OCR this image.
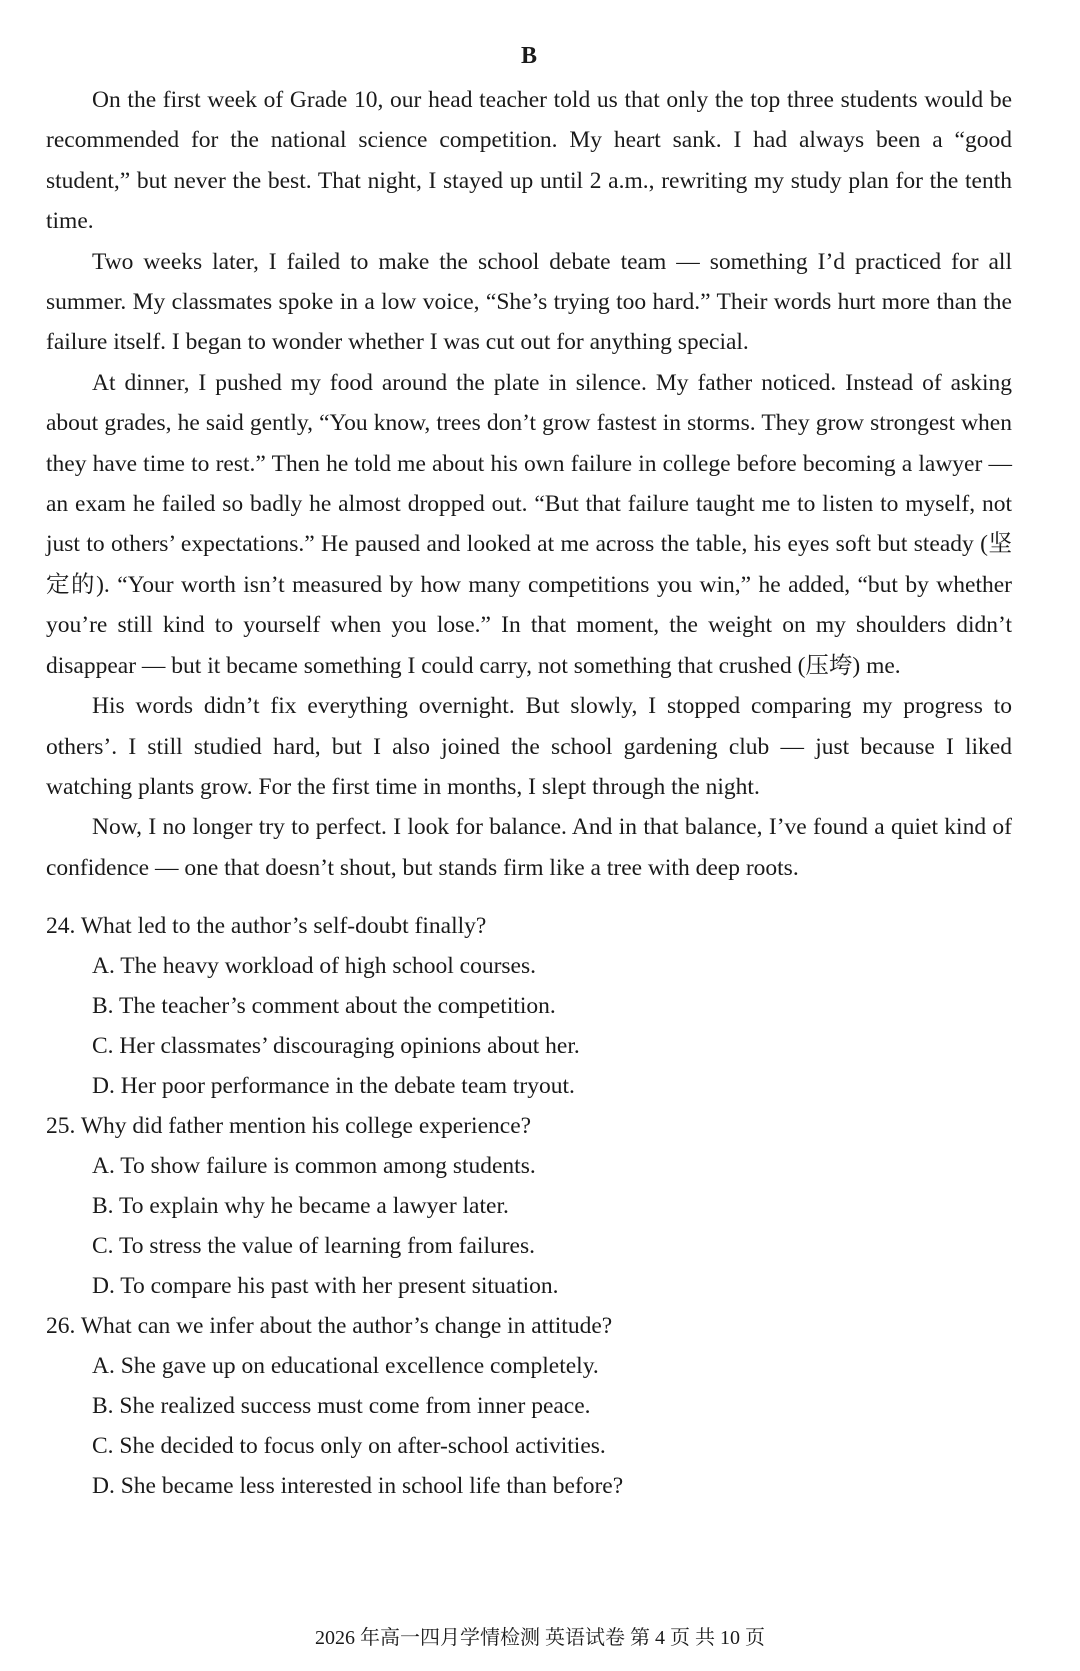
B

On the first week of Grade 10, our head teacher told us that only the top three students would be recommended for the national science competition. My heart sank. I had always been a “good student,” but never the best. That night, I stayed up until 2 a.m., rewriting my study plan for the tenth time.

Two weeks later, I failed to make the school debate team — something I’d practiced for all summer. My classmates spoke in a low voice, “She’s trying too hard.” Their words hurt more than the failure itself. I began to wonder whether I was cut out for anything special.

At dinner, I pushed my food around the plate in silence. My father noticed. Instead of asking about grades, he said gently, “You know, trees don’t grow fastest in storms. They grow strongest when they have time to rest.” Then he told me about his own failure in college before becoming a lawyer — an exam he failed so badly he almost dropped out. “But that failure taught me to listen to myself, not just to others’ expectations.” He paused and looked at me across the table, his eyes soft but steady (坚定的). “Your worth isn’t measured by how many competitions you win,” he added, “but by whether you’re still kind to yourself when you lose.” In that moment, the weight on my shoulders didn’t disappear — but it became something I could carry, not something that crushed (压垮) me.

His words didn’t fix everything overnight. But slowly, I stopped comparing my progress to others’. I still studied hard, but I also joined the school gardening club — just because I liked watching plants grow. For the first time in months, I slept through the night.

Now, I no longer try to perfect. I look for balance. And in that balance, I’ve found a quiet kind of confidence — one that doesn’t shout, but stands firm like a tree with deep roots.

24. What led to the author’s self-doubt finally?

A. The heavy workload of high school courses.
B. The teacher’s comment about the competition.
C. Her classmates’ discouraging opinions about her.
D. Her poor performance in the debate team tryout.

25. Why did father mention his college experience?

A. To show failure is common among students.
B. To explain why he became a lawyer later.
C. To stress the value of learning from failures.
D. To compare his past with her present situation.

26. What can we infer about the author’s change in attitude?

A. She gave up on educational excellence completely.
B. She realized success must come from inner peace.
C. She decided to focus only on after-school activities.
D. She became less interested in school life than before?
2026 年高一四月学情检测 英语试卷 第 4 页 共 10 页
